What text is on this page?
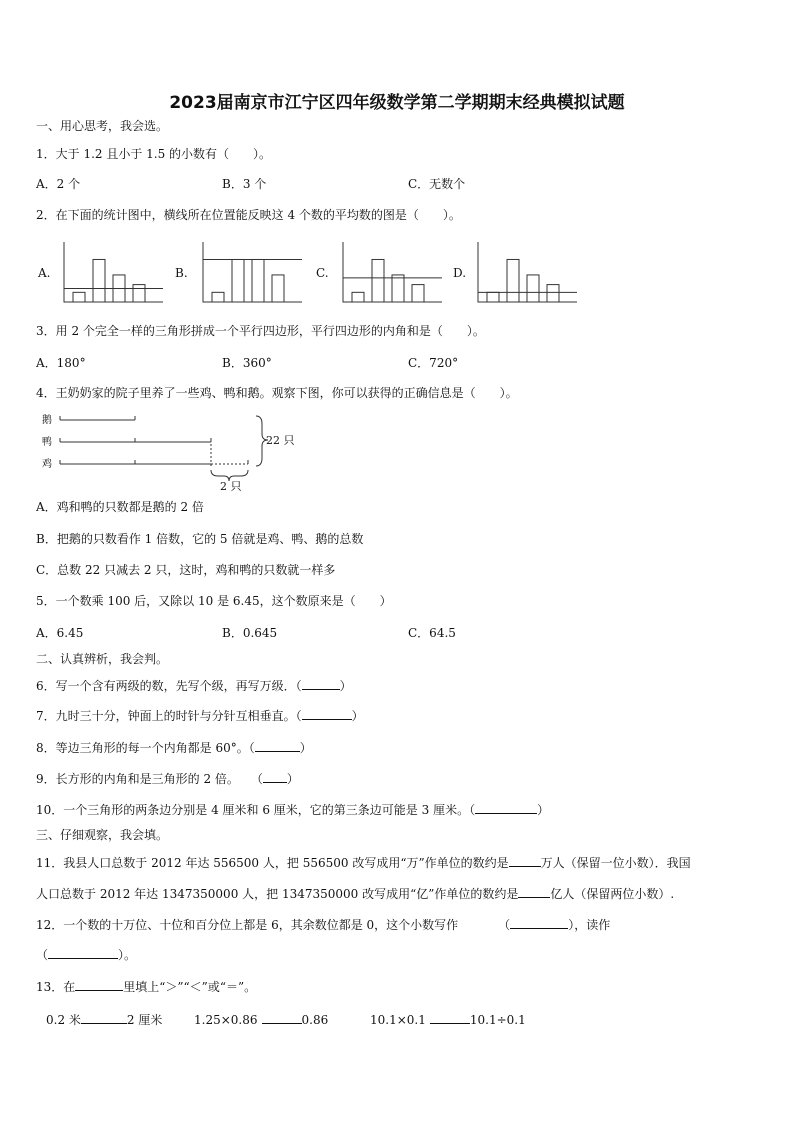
2023届南京市江宁区四年级数学第二学期期末经典模拟试题
一、用心思考，我会选。
1．大于 1.2 且小于 1.5 的小数有（　　）。
A．2 个	B．3 个	C．无数个
2．在下面的统计图中，横线所在位置能反映这 4 个数的平均数的图是（　　）。
A.	B.	C.	D.
3．用 2 个完全一样的三角形拼成一个平行四边形，平行四边形的内角和是（　　）。
A．180°	B．360°	C．720°
4．王奶奶家的院子里养了一些鸡、鸭和鹅。观察下图，你可以获得的正确信息是（　　）。
鹅
鸭
鸡
22 只
2 只
A．鸡和鸭的只数都是鹅的 2 倍
B．把鹅的只数看作 1 倍数，它的 5 倍就是鸡、鸭、鹅的总数
C．总数 22 只减去 2 只，这时，鸡和鸭的只数就一样多
5．一个数乘 100 后，又除以 10 是 6.45，这个数原来是（　　）
A．6.45	B．0.645	C．64.5
二、认真辨析，我会判。
6．写一个含有两级的数，先写个级，再写万级．（	）
7．九时三十分，钟面上的时针与分针互相垂直。（	）
8．等边三角形的每一个内角都是 60°。（	）
9．长方形的内角和是三角形的 2 倍。　　（ ）
10．一个三角形的两条边分别是 4 厘米和 6 厘米，它的第三条边可能是 3 厘米。（	）
三、仔细观察，我会填。
11．我县人口总数于 2012 年达 556500 人，把 556500 改写成用“万”作单位的数约是	万人（保留一位小数）．我国
人口总数于 2012 年达 1347350000 人，把 1347350000 改写成用“亿”作单位的数约是	亿人（保留两位小数）.
12．一个数的十万位、十位和百分位上都是 6，其余数位都是 0，这个小数写作	（	），读作
（	）。
13．在	里填上“＞”“＜”或“＝”。
0.2 米	2 厘米	1.25×0.86	0.86	10.1×0.1	10.1÷0.1
